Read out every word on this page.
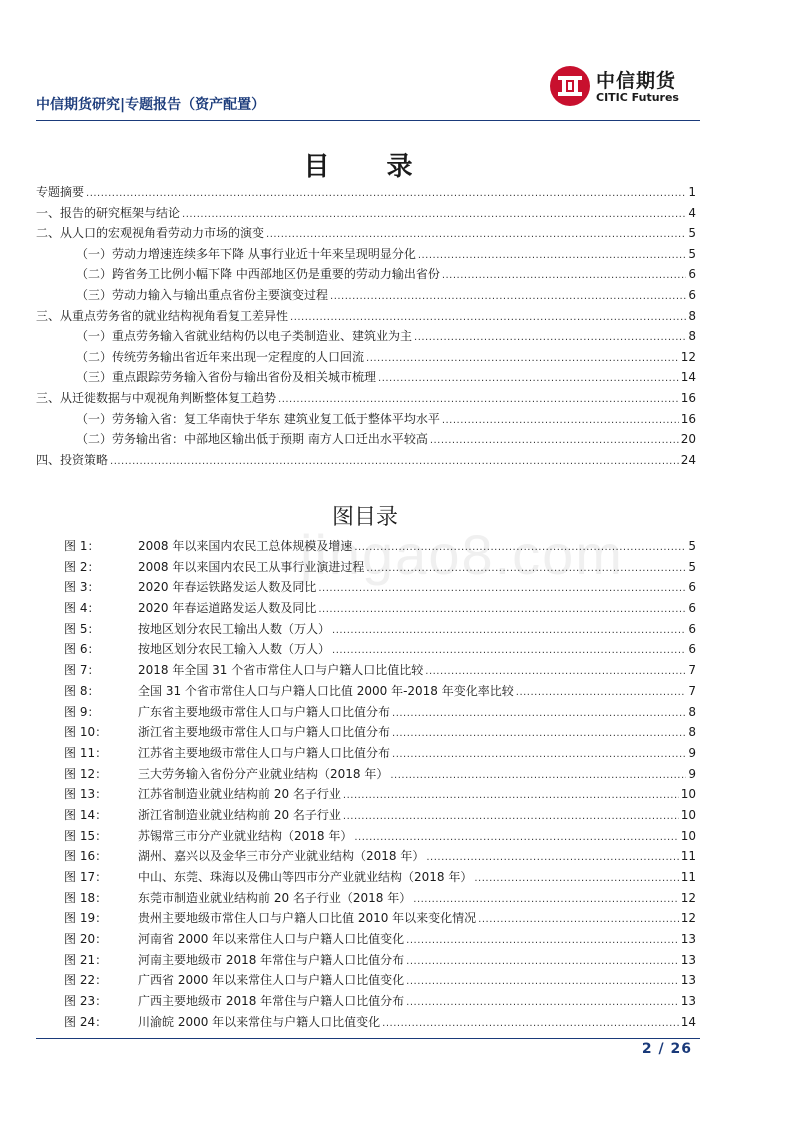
中信期货研究|专题报告（资产配置）
中信期货
CITIC Futures
目 录
专题摘要 .....	1
一、报告的研究框架与结论 .....	4
二、从人口的宏观视角看劳动力市场的演变 .....	5
（一）劳动力增速连续多年下降 从事行业近十年来呈现明显分化 .....	5
（二）跨省务工比例小幅下降 中西部地区仍是重要的劳动力输出省份 .....	6
（三）劳动力输入与输出重点省份主要演变过程 .....	6
三、从重点劳务省的就业结构视角看复工差异性 .....	8
（一）重点劳务输入省就业结构仍以电子类制造业、建筑业为主 .....	8
（二）传统劳务输出省近年来出现一定程度的人口回流 .....	12
（三）重点跟踪劳务输入省份与输出省份及相关城市梳理 .....	14
三、从迁徙数据与中观视角判断整体复工趋势 .....	16
（一）劳务输入省：复工华南快于华东 建筑业复工低于整体平均水平 .....	16
（二）劳务输出省：中部地区输出低于预期 南方人口迁出水平较高 .....	20
四、投资策略 .....	24
jingao8.com
图目录
图 1：	2008 年以来国内农民工总体规模及增速 .....	5
图 2：	2008 年以来国内农民工从事行业演进过程 .....	5
图 3：	2020 年春运铁路发运人数及同比 .....	6
图 4：	2020 年春运道路发运人数及同比 .....	6
图 5：	按地区划分农民工输出人数（万人） .....	6
图 6：	按地区划分农民工输入人数（万人） .....	6
图 7：	2018 年全国 31 个省市常住人口与户籍人口比值比较 .....	7
图 8：	全国 31 个省市常住人口与户籍人口比值 2000 年-2018 年变化率比较 .....	7
图 9：	广东省主要地级市常住人口与户籍人口比值分布 .....	8
图 10：	浙江省主要地级市常住人口与户籍人口比值分布 .....	8
图 11：	江苏省主要地级市常住人口与户籍人口比值分布 .....	9
图 12：	三大劳务输入省份分产业就业结构（2018 年） .....	9
图 13：	江苏省制造业就业结构前 20 名子行业 .....	10
图 14：	浙江省制造业就业结构前 20 名子行业 .....	10
图 15：	苏锡常三市分产业就业结构（2018 年） .....	10
图 16：	湖州、嘉兴以及金华三市分产业就业结构（2018 年） .....	11
图 17：	中山、东莞、珠海以及佛山等四市分产业就业结构（2018 年） .....	11
图 18：	东莞市制造业就业结构前 20 名子行业（2018 年） .....	12
图 19：	贵州主要地级市常住人口与户籍人口比值 2010 年以来变化情况 .....	12
图 20：	河南省 2000 年以来常住人口与户籍人口比值变化 .....	13
图 21：	河南主要地级市 2018 年常住与户籍人口比值分布 .....	13
图 22：	广西省 2000 年以来常住人口与户籍人口比值变化 .....	13
图 23：	广西主要地级市 2018 年常住与户籍人口比值分布 .....	13
图 24：	川渝皖 2000 年以来常住与户籍人口比值变化 .....	14
2 / 26
